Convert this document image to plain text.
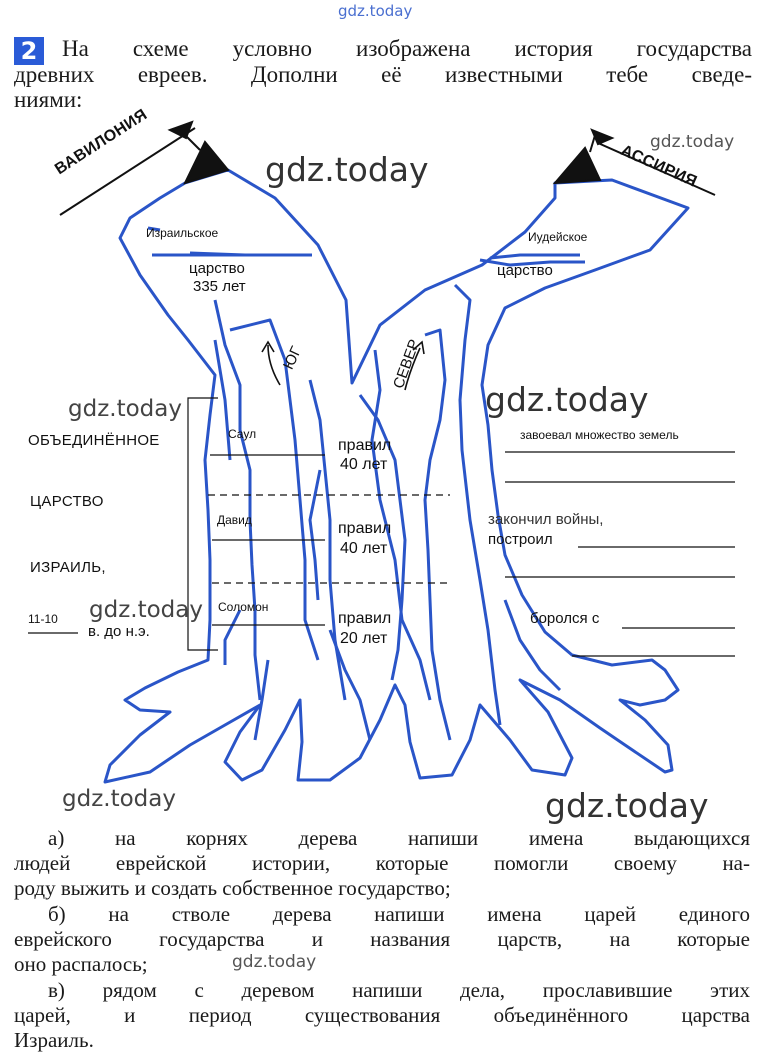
gdz.today
2 На схеме условно изображена история государства
древних евреев. Дополни её известными тебе сведе-
ниями:
ВАВИЛОНИЯ	АССИРИЯ
gdz.today
gdz.today
Израильское
царство
335 лет
Иудейское
царство
ЮГ	СЕВЕР
gdz.today	gdz.today
ОБЪЕДИНЁННОЕ
ЦАРСТВО
ИЗРАИЛЬ,
11-10
в. до н.э.
gdz.today
Саул
правил
40 лет
Давид	правил
40 лет
Соломон
правил
20 лет
завоевал множество земель
закончил войны,
построил
боролся с
gdz.today	gdz.today
а) на корнях дерева напиши имена выдающихся
людей еврейской истории, которые помогли своему на-
роду выжить и создать собственное государство;
б) на стволе дерева напиши имена царей единого
еврейского государства и названия царств, на которые
оно распалось;	gdz.today
в) рядом с деревом напиши дела, прославившие этих
царей, и период существования объединённого царства
Израиль.
